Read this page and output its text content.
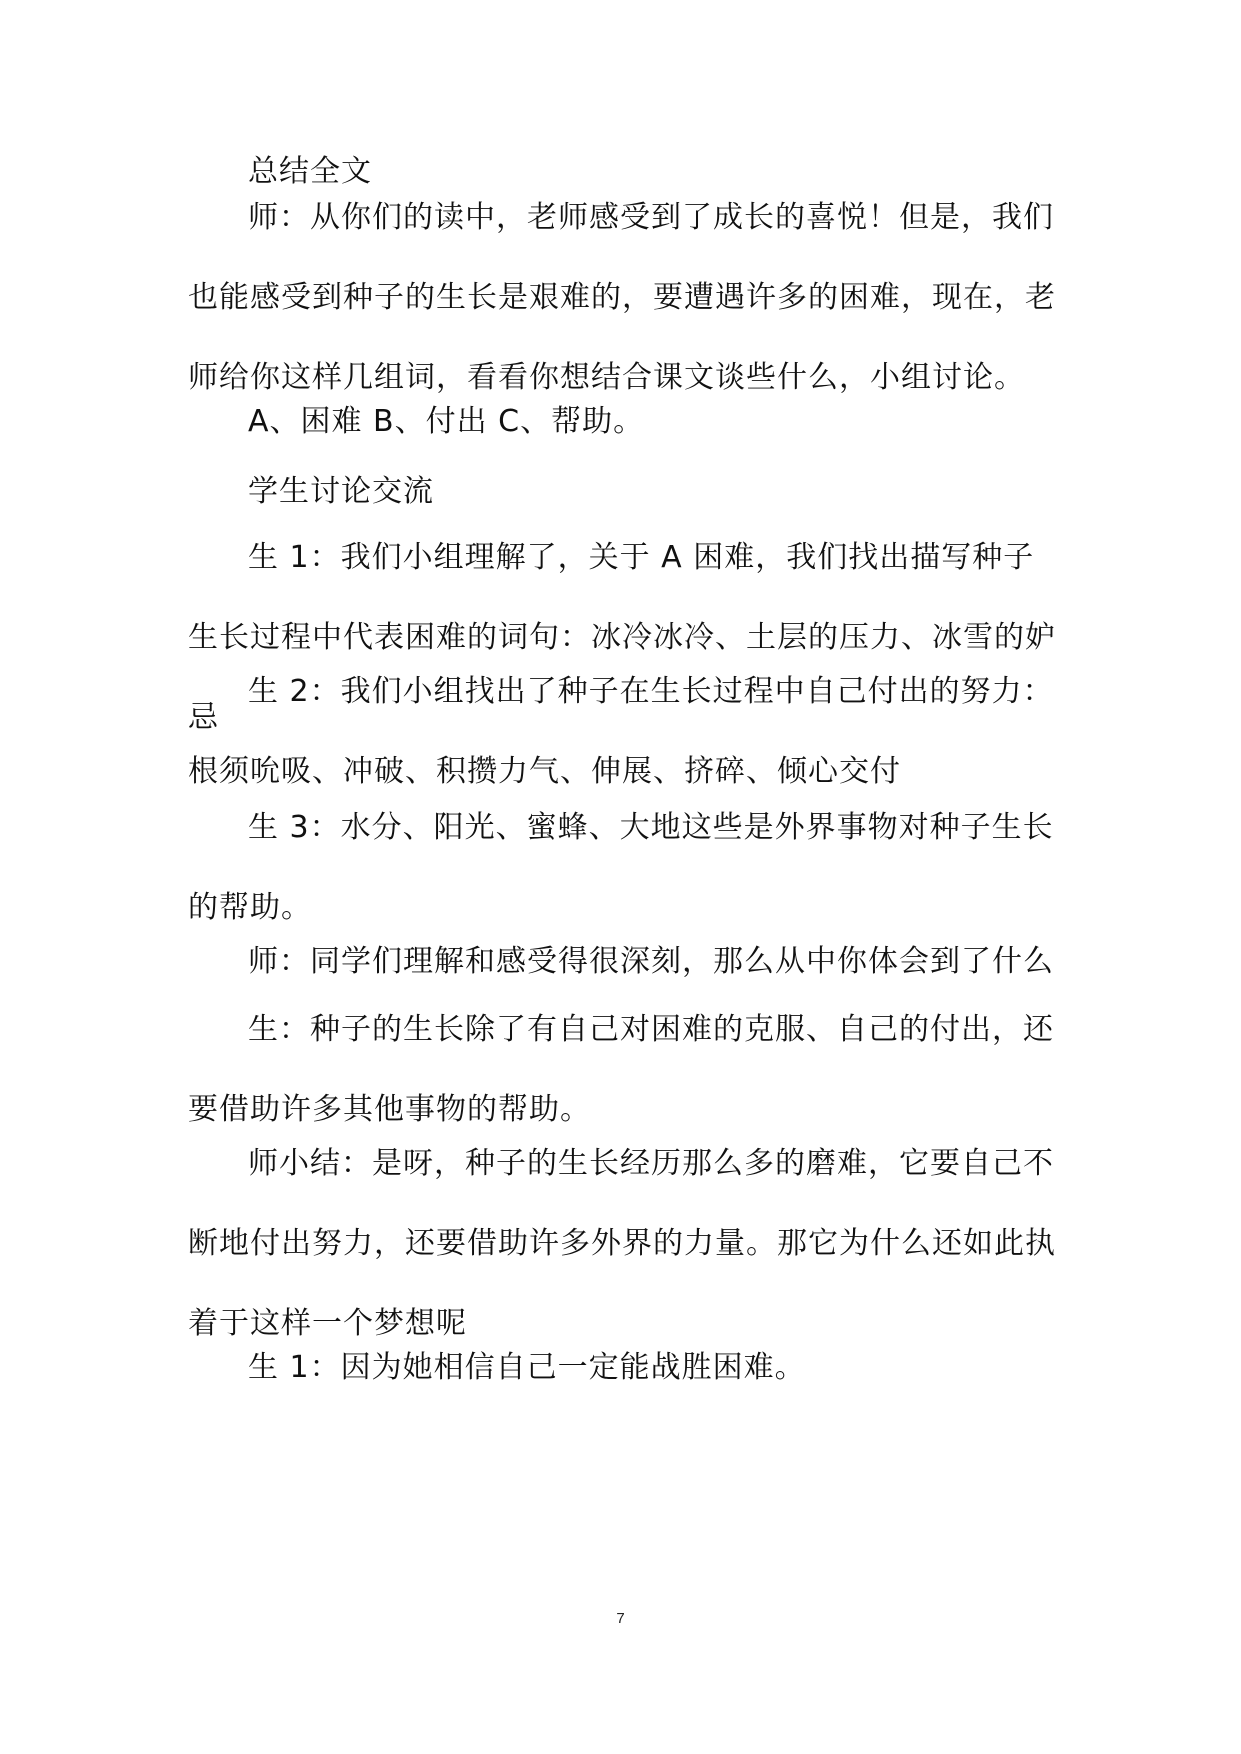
总结全文

师：从你们的读中，老师感受到了成长的喜悦！但是，我们也能感受到种子的生长是艰难的，要遭遇许多的困难，现在，老师给你这样几组词，看看你想结合课文谈些什么，小组讨论。

A、困难 B、付出 C、帮助。

学生讨论交流

生 1：我们小组理解了，关于 A 困难，我们找出描写种子生长过程中代表困难的词句：冰冷冰冷、土层的压力、冰雪的妒忌

生 2：我们小组找出了种子在生长过程中自己付出的努力：根须吮吸、冲破、积攒力气、伸展、挤碎、倾心交付

生 3：水分、阳光、蜜蜂、大地这些是外界事物对种子生长的帮助。

师：同学们理解和感受得很深刻，那么从中你体会到了什么

生：种子的生长除了有自己对困难的克服、自己的付出，还要借助许多其他事物的帮助。

师小结：是呀，种子的生长经历那么多的磨难，它要自己不断地付出努力，还要借助许多外界的力量。那它为什么还如此执着于这样一个梦想呢

生 1：因为她相信自己一定能战胜困难。

7
